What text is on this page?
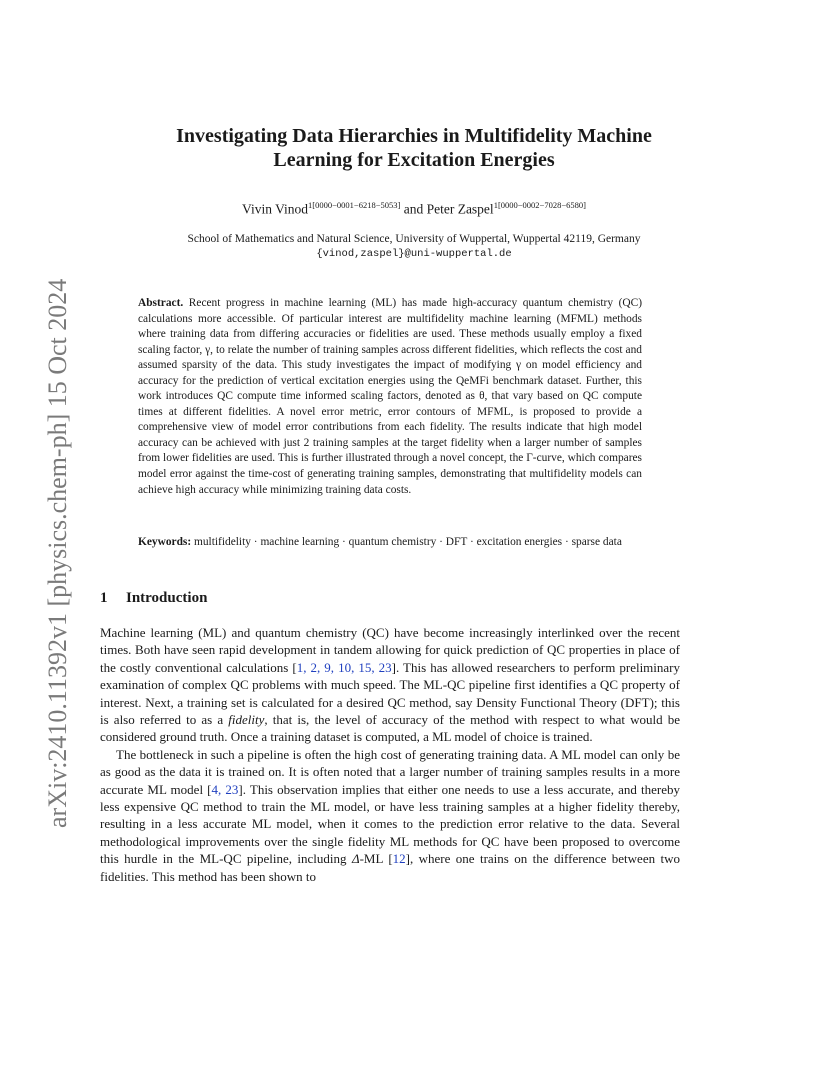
arXiv:2410.11392v1 [physics.chem-ph] 15 Oct 2024
Investigating Data Hierarchies in Multifidelity Machine
Learning for Excitation Energies
Vivin Vinod$^{1[0000-0001-6218-5053]}$ and Peter Zaspel$^{1[0000-0002-7028-6580]}$
School of Mathematics and Natural Science, University of Wuppertal, Wuppertal 42119, Germany
{vinod,zaspel}@uni-wuppertal.de
Abstract. Recent progress in machine learning (ML) has made high-accuracy quantum chemistry (QC) calculations more accessible. Of particular interest are multifidelity machine learning (MFML) methods where training data from differing accuracies or fidelities are used. These methods usually employ a fixed scaling factor, γ, to relate the number of training samples across different fidelities, which reflects the cost and assumed sparsity of the data. This study investigates the impact of modifying γ on model efficiency and accuracy for the prediction of vertical excitation energies using the QeMFi benchmark dataset. Further, this work introduces QC compute time informed scaling factors, denoted as θ, that vary based on QC compute times at different fidelities. A novel error metric, error contours of MFML, is proposed to provide a comprehensive view of model error contributions from each fidelity. The results indicate that high model accuracy can be achieved with just 2 training samples at the target fidelity when a larger number of samples from lower fidelities are used. This is further illustrated through a novel concept, the Γ-curve, which compares model error against the time-cost of generating training samples, demonstrating that multifidelity models can achieve high accuracy while minimizing training data costs.
Keywords: multifidelity · machine learning · quantum chemistry · DFT · excitation energies · sparse data
1 Introduction

Machine learning (ML) and quantum chemistry (QC) have become increasingly interlinked over the recent times. Both have seen rapid development in tandem allowing for quick prediction of QC properties in place of the costly conventional calculations [1, 2, 9, 10, 15, 23]. This has allowed researchers to perform preliminary examination of complex QC problems with much speed. The ML-QC pipeline first identifies a QC property of interest. Next, a training set is calculated for a desired QC method, say Density Functional Theory (DFT); this is also referred to as a fidelity, that is, the level of accuracy of the method with respect to what would be considered ground truth. Once a training dataset is computed, a ML model of choice is trained.

The bottleneck in such a pipeline is often the high cost of generating training data. A ML model can only be as good as the data it is trained on. It is often noted that a larger number of training samples results in a more accurate ML model [4, 23]. This observation implies that either one needs to use a less accurate, and thereby less expensive QC method to train the ML model, or have less training samples at a higher fidelity thereby, resulting in a less accurate ML model, when it comes to the prediction error relative to the data. Several methodological improvements over the single fidelity ML methods for QC have been proposed to overcome this hurdle in the ML-QC pipeline, including Δ-ML [12], where one trains on the difference between two fidelities. This method has been shown to
